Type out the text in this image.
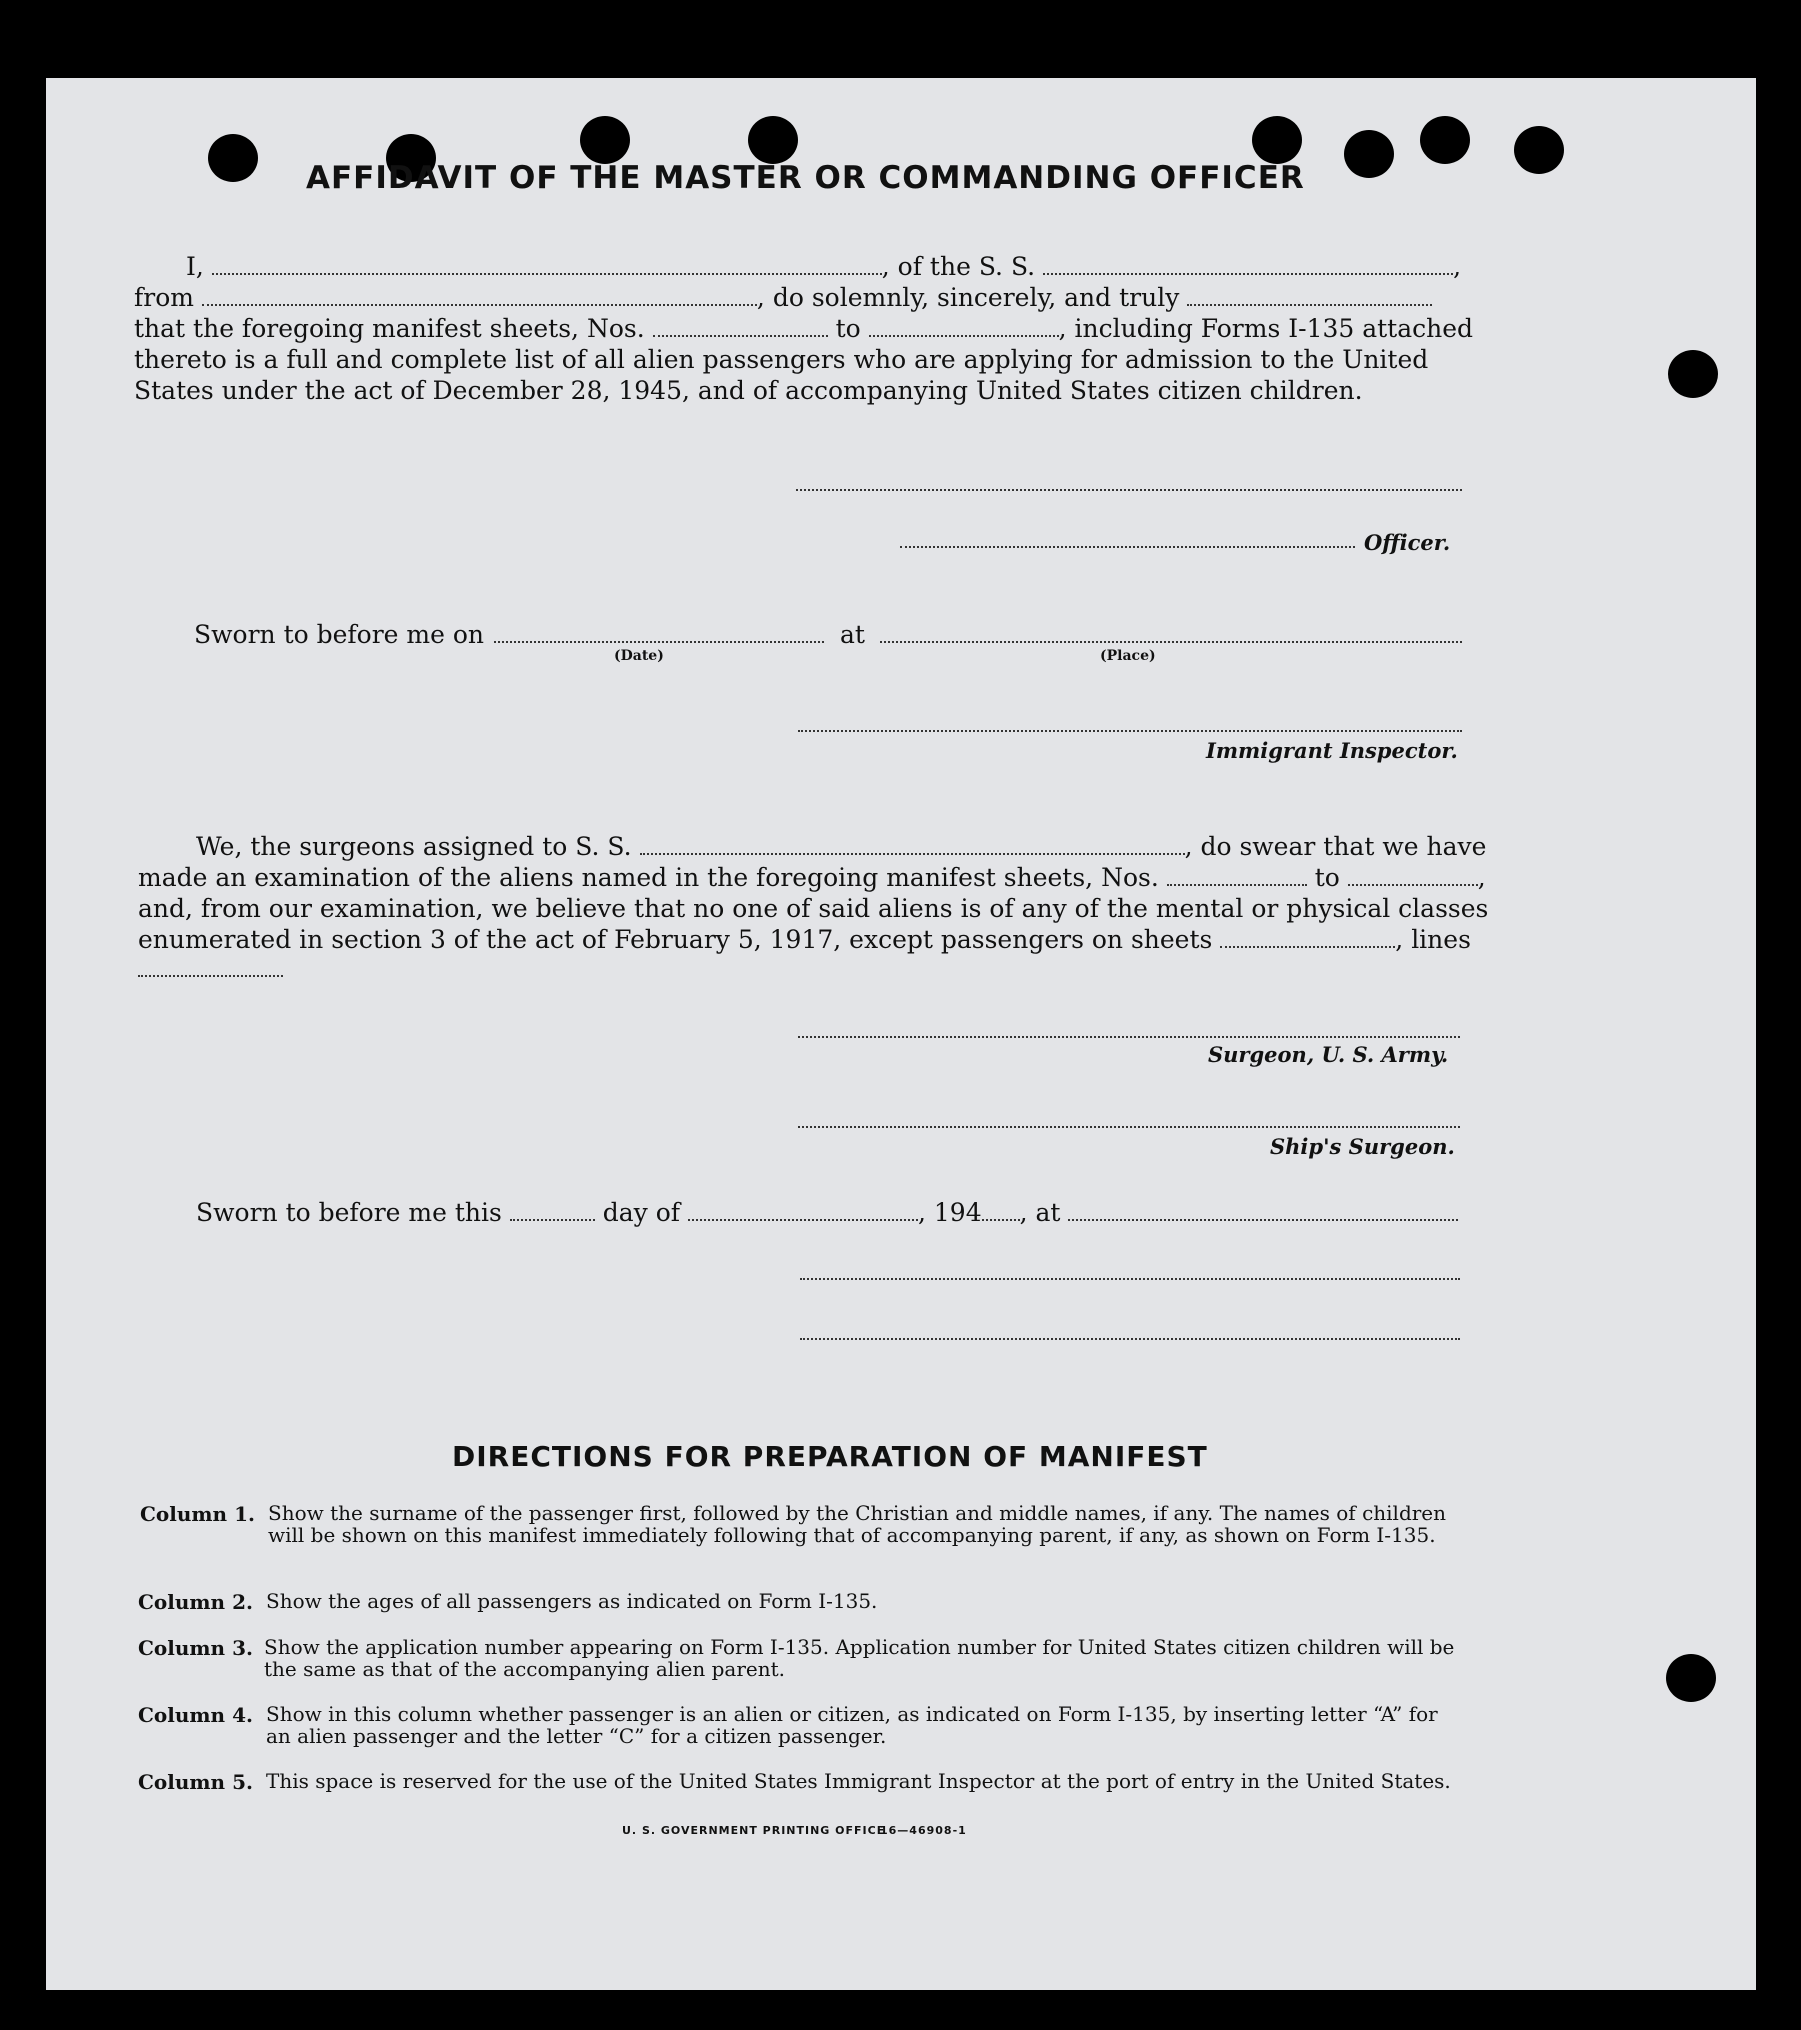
AFFIDAVIT OF THE MASTER OR COMMANDING OFFICER
I,	, of the S. S.	,
from	, do solemnly, sincerely, and truly
that the foregoing manifest sheets, Nos.	to	, including Forms I-135 attached
thereto is a full and complete list of all alien passengers who are applying for admission to the United
States under the act of December 28, 1945, and of accompanying United States citizen children.
Officer.
Sworn to before me on	at
(Date)	(Place)
Immigrant Inspector.
We, the surgeons assigned to S. S.	, do swear that we have
made an examination of the aliens named in the foregoing manifest sheets, Nos.	to	,
and, from our examination, we believe that no one of said aliens is of any of the mental or physical classes
enumerated in section 3 of the act of February 5, 1917, except passengers on sheets	, lines
Surgeon, U. S. Army.
Ship's Surgeon.
Sworn to before me this	day of	, 194 , at
DIRECTIONS FOR PREPARATION OF MANIFEST
Column 1. Show the surname of the passenger first, followed by the Christian and middle names, if any. The names of children will be shown on this manifest immediately following that of accompanying parent, if any, as shown on Form I-135.
Column 2. Show the ages of all passengers as indicated on Form I-135.
Column 3. Show the application number appearing on Form I-135. Application number for United States citizen children will be the same as that of the accompanying alien parent.
Column 4. Show in this column whether passenger is an alien or citizen, as indicated on Form I-135, by inserting letter “A” for an alien passenger and the letter “C” for a citizen passenger.
Column 5. This space is reserved for the use of the United States Immigrant Inspector at the port of entry in the United States.
U. S. GOVERNMENT PRINTING OFFICE
16—46908-1
